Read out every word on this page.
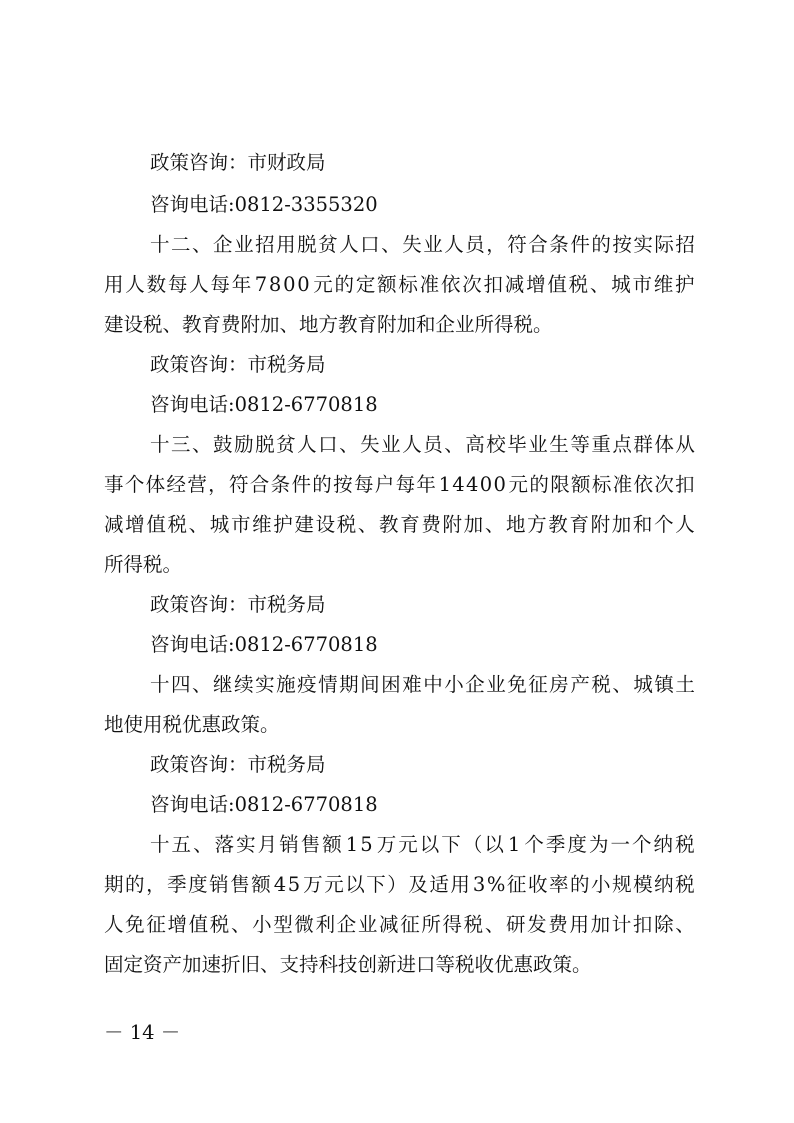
政策咨询：市财政局
咨询电话:0812-3355320
十 二 、 企 业 招 用 脱 贫 人 口 、 失 业 人 员 ， 符 合 条 件 的 按 实 际 招
用 人 数 每 人 每 年 7 8 0 0 元 的 定 额 标 准 依 次 扣 减 增 值 税 、 城 市 维 护
建设税、教育费附加、地方教育附加和企业所得税。
政策咨询：市税务局
咨询电话:0812-6770818
十 三 、 鼓 励 脱 贫 人 口 、 失 业 人 员 、 高 校 毕 业 生 等 重 点 群 体 从
事 个 体 经 营 ， 符 合 条 件 的 按 每 户 每 年 1 4 4 0 0 元 的 限 额 标 准 依 次 扣
减 增 值 税 、 城 市 维 护 建 设 税 、 教 育 费 附 加 、 地 方 教 育 附 加 和 个 人
所得税。
政策咨询：市税务局
咨询电话:0812-6770818
十 四 、 继 续 实 施 疫 情 期 间 困 难 中 小 企 业 免 征 房 产 税 、 城 镇 土
地使用税优惠政策。
政策咨询：市税务局
咨询电话:0812-6770818
十 五 、 落 实 月 销 售 额 1 5 万 元 以 下 （ 以 1 个 季 度 为 一 个 纳 税
期 的 ， 季 度 销 售 额 4 5 万 元 以 下 ） 及 适 用 3 % 征 收 率 的 小 规 模 纳 税
人 免 征 增 值 税 、 小 型 微 利 企 业 减 征 所 得 税 、 研 发 费 用 加 计 扣 除 、
固定资产加速折旧、支持科技创新进口等税收优惠政策。
－ 14 －
